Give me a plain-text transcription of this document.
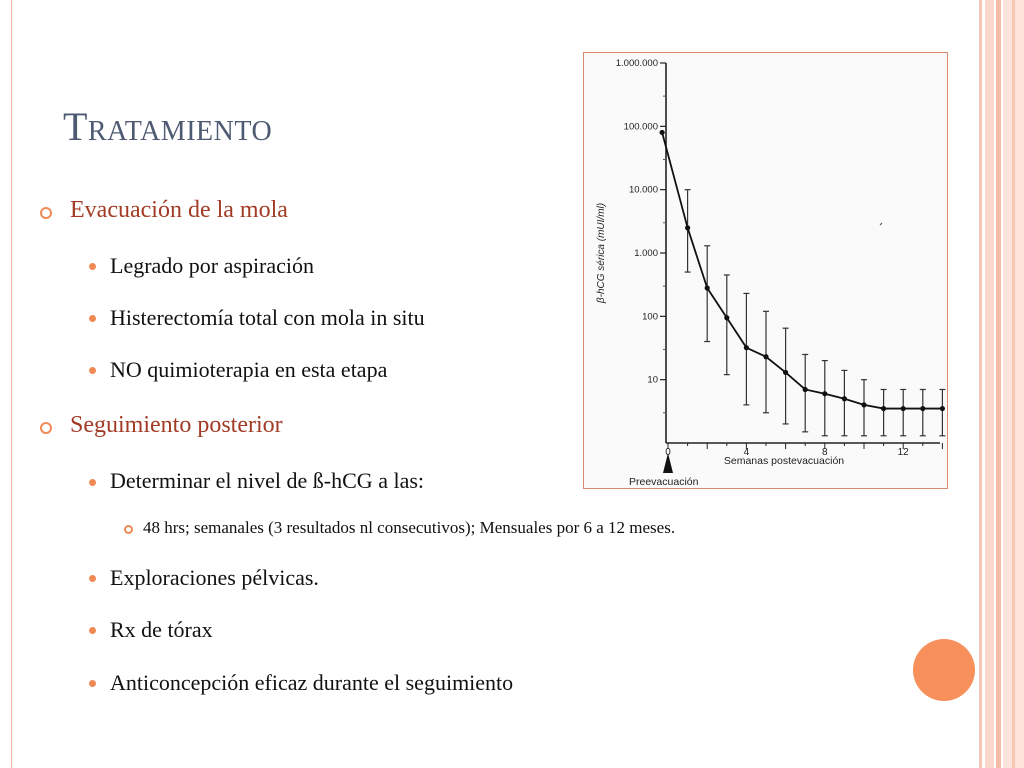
Tratamiento
Evacuación de la mola
Legrado por aspiración
Histerectomía total con mola in situ
NO quimioterapia en esta etapa
Seguimiento posterior
Determinar el nivel de ß-hCG a las:
48 hrs; semanales (3 resultados nl consecutivos); Mensuales por 6 a 12 meses.
Exploraciones pélvicas.
Rx de tórax
Anticoncepción eficaz durante el seguimiento
β-hCG sérica (mUI/ml)
Semanas postevacuación
Preevacuación
1.000.000
100.000
10.000
1.000
100
10
0	4	8	12
